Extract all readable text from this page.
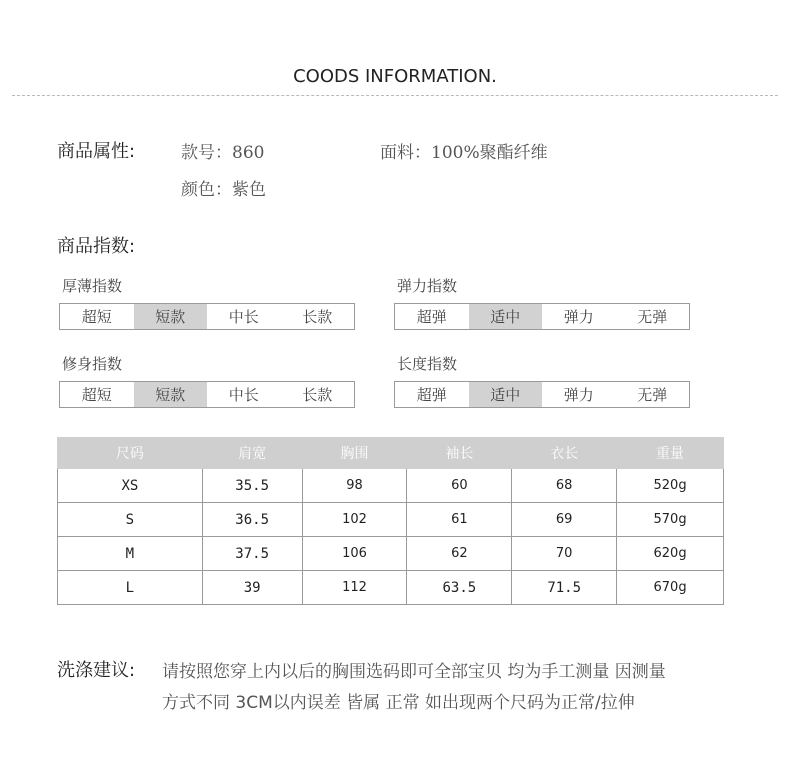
COODS INFORMATION.
商品属性:	款号：860	面料：100%聚酯纤维
颜色：紫色
商品指数:
厚薄指数
超短	短款	中长	长款
弹力指数
超弹	适中	弹力	无弹
修身指数
超短	短款	中长	长款
长度指数
超弹	适中	弹力	无弹
尺码	肩宽	胸围	袖长	衣长	重量
XS	35.5	98	60	68	520g
S	36.5	102	61	69	570g
M	37.5	106	62	70	620g
L	39	112	63.5	71.5	670g
洗涤建议: 请按照您穿上内以后的胸围选码即可全部宝贝 均为手工测量 因测量
方式不同 3CM以内误差 皆属 正常 如出现两个尺码为正常/拉伸
